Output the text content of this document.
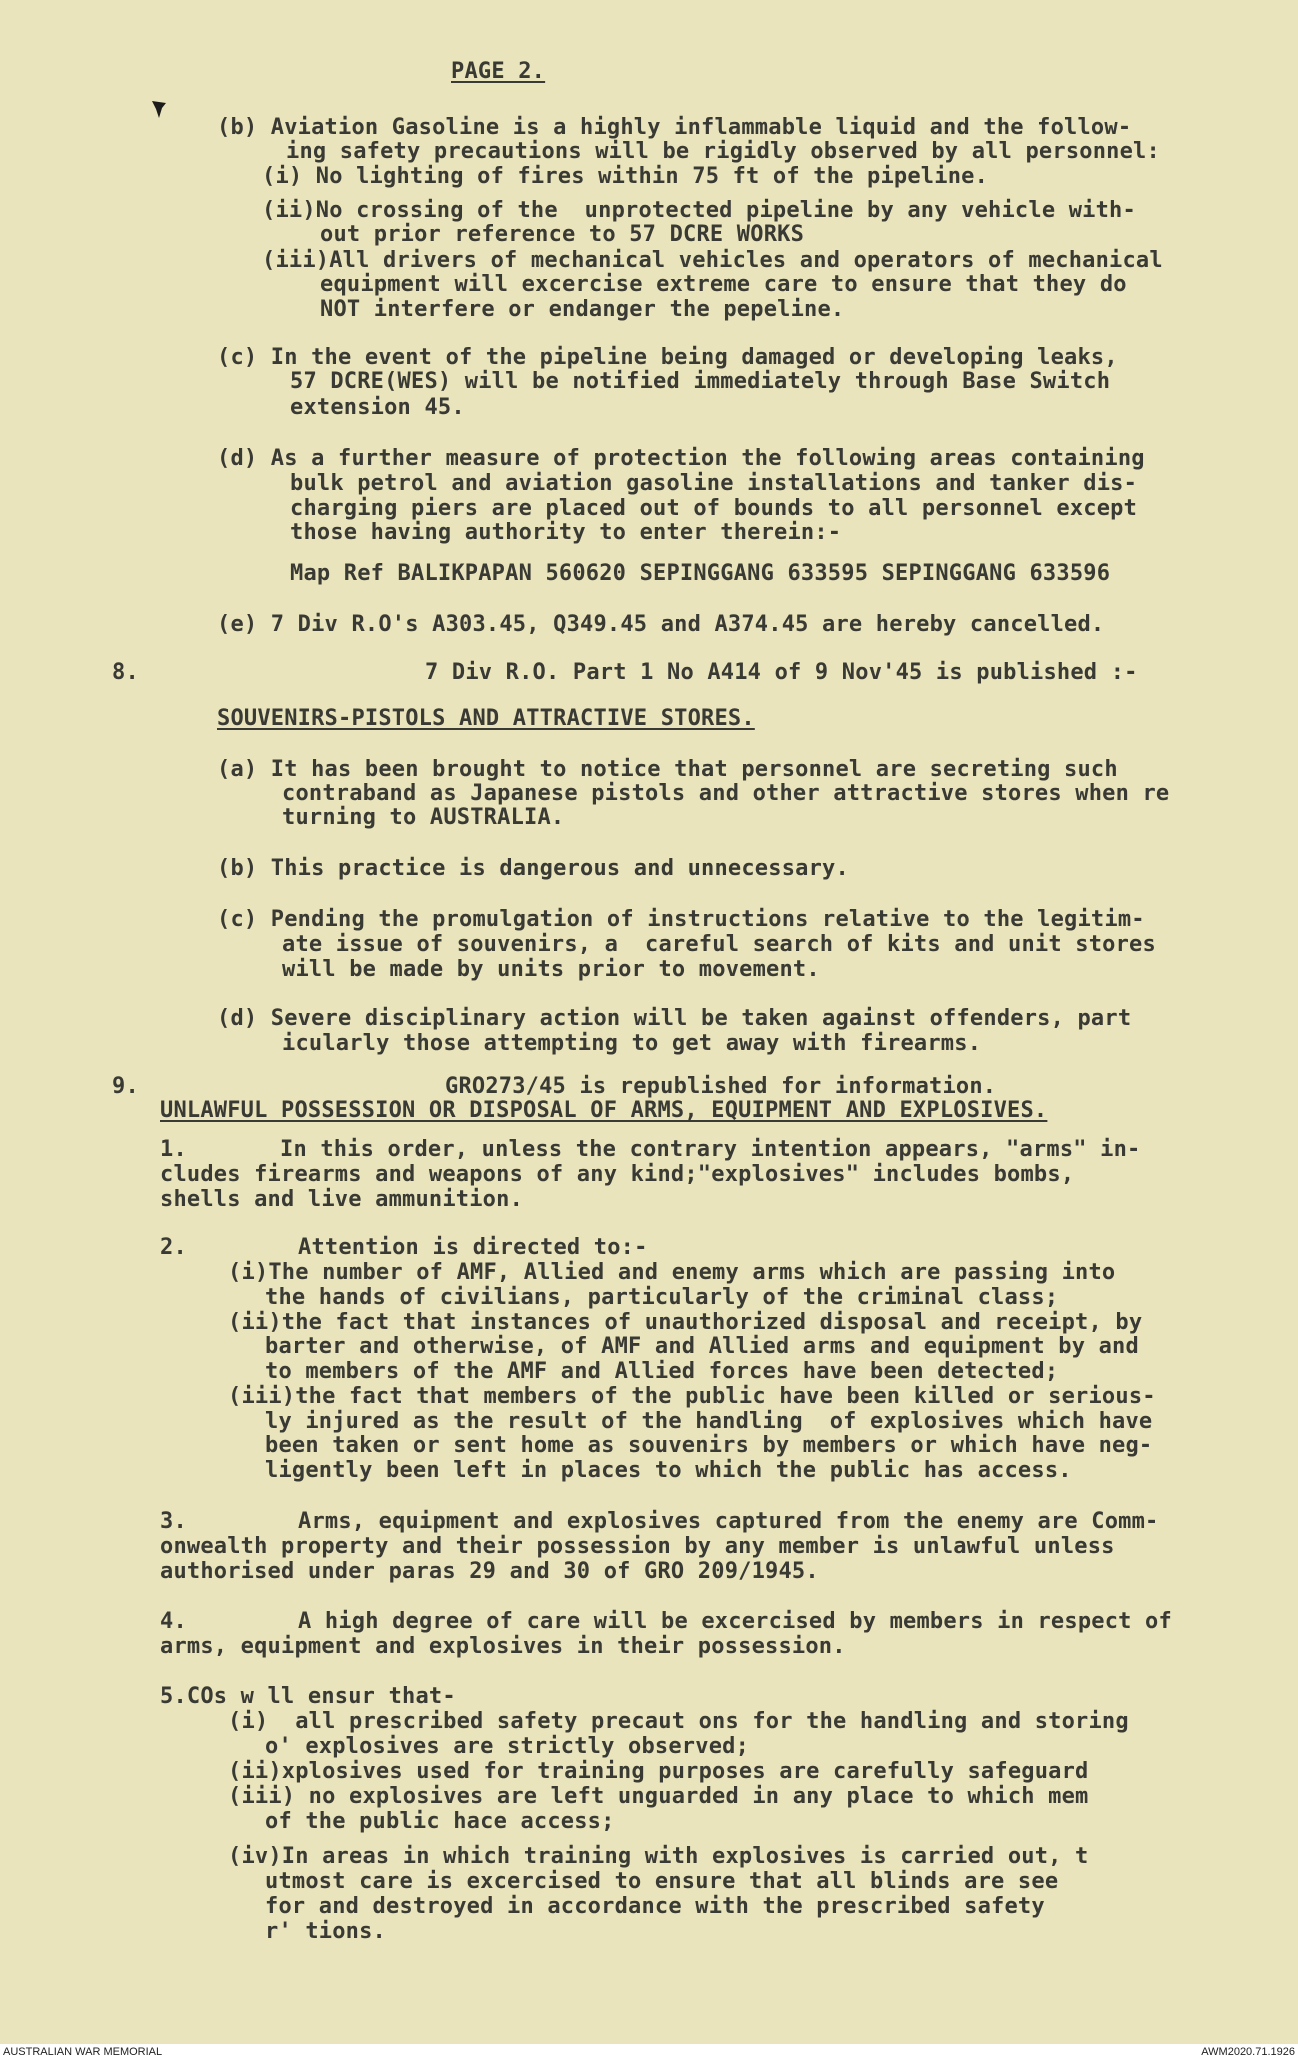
PAGE 2.
(b) Aviation Gasoline is a highly inflammable liquid and the follow-
ing safety precautions will be rigidly observed by all personnel:
(i) No lighting of fires within 75 ft of the pipeline.
(ii)No crossing of the  unprotected pipeline by any vehicle with-
out prior reference to 57 DCRE WORKS
(iii)All drivers of mechanical vehicles and operators of mechanical
equipment will excercise extreme care to ensure that they do
NOT interfere or endanger the pepeline.
(c) In the event of the pipeline being damaged or developing leaks,
57 DCRE(WES) will be notified immediately through Base Switch
extension 45.
(d) As a further measure of protection the following areas containing
bulk petrol and aviation gasoline installations and tanker dis-
charging piers are placed out of bounds to all personnel except
those having authority to enter therein:-
Map Ref BALIKPAPAN 560620 SEPINGGANG 633595 SEPINGGANG 633596
(e) 7 Div R.O's A303.45, Q349.45 and A374.45 are hereby cancelled.
8.	7 Div R.O. Part 1 No A414 of 9 Nov'45 is published :-
SOUVENIRS-PISTOLS AND ATTRACTIVE STORES.
(a) It has been brought to notice that personnel are secreting such
contraband as Japanese pistols and other attractive stores when re
turning to AUSTRALIA.
(b) This practice is dangerous and unnecessary.
(c) Pending the promulgation of instructions relative to the legitim-
ate issue of souvenirs, a  careful search of kits and unit stores
will be made by units prior to movement.
(d) Severe disciplinary action will be taken against offenders, part
icularly those attempting to get away with firearms.
9.	GRO273/45 is republished for information.
UNLAWFUL POSSESSION OR DISPOSAL OF ARMS, EQUIPMENT AND EXPLOSIVES.
1.	In this order, unless the contrary intention appears, "arms" in-
cludes firearms and weapons of any kind;"explosives" includes bombs,
shells and live ammunition.
2.	Attention is directed to:-
(i)The number of AMF, Allied and enemy arms which are passing into
the hands of civilians, particularly of the criminal class;
(ii)the fact that instances of unauthorized disposal and receipt, by
barter and otherwise, of AMF and Allied arms and equipment by and
to members of the AMF and Allied forces have been detected;
(iii)the fact that members of the public have been killed or serious-
ly injured as the result of the handling  of explosives which have
been taken or sent home as souvenirs by members or which have neg-
ligently been left in places to which the public has access.
3.	Arms, equipment and explosives captured from the enemy are Comm-
onwealth property and their possession by any member is unlawful unless
authorised under paras 29 and 30 of GRO 209/1945.
4.	A high degree of care will be excercised by members in respect of
arms, equipment and explosives in their possession.
5.COs w ll ensur that-
(i)  all prescribed safety precaut ons for the handling and storing
o' explosives are strictly observed;
(ii)xplosives used for training purposes are carefully safeguard
(iii) no explosives are left unguarded in any place to which mem
of the public hace access;
(iv)In areas in which training with explosives is carried out, t
utmost care is excercised to ensure that all blinds are see
for and destroyed in accordance with the prescribed safety
r' tions.
AUSTRALIAN WAR MEMORIAL	AWM2020.71.1926
